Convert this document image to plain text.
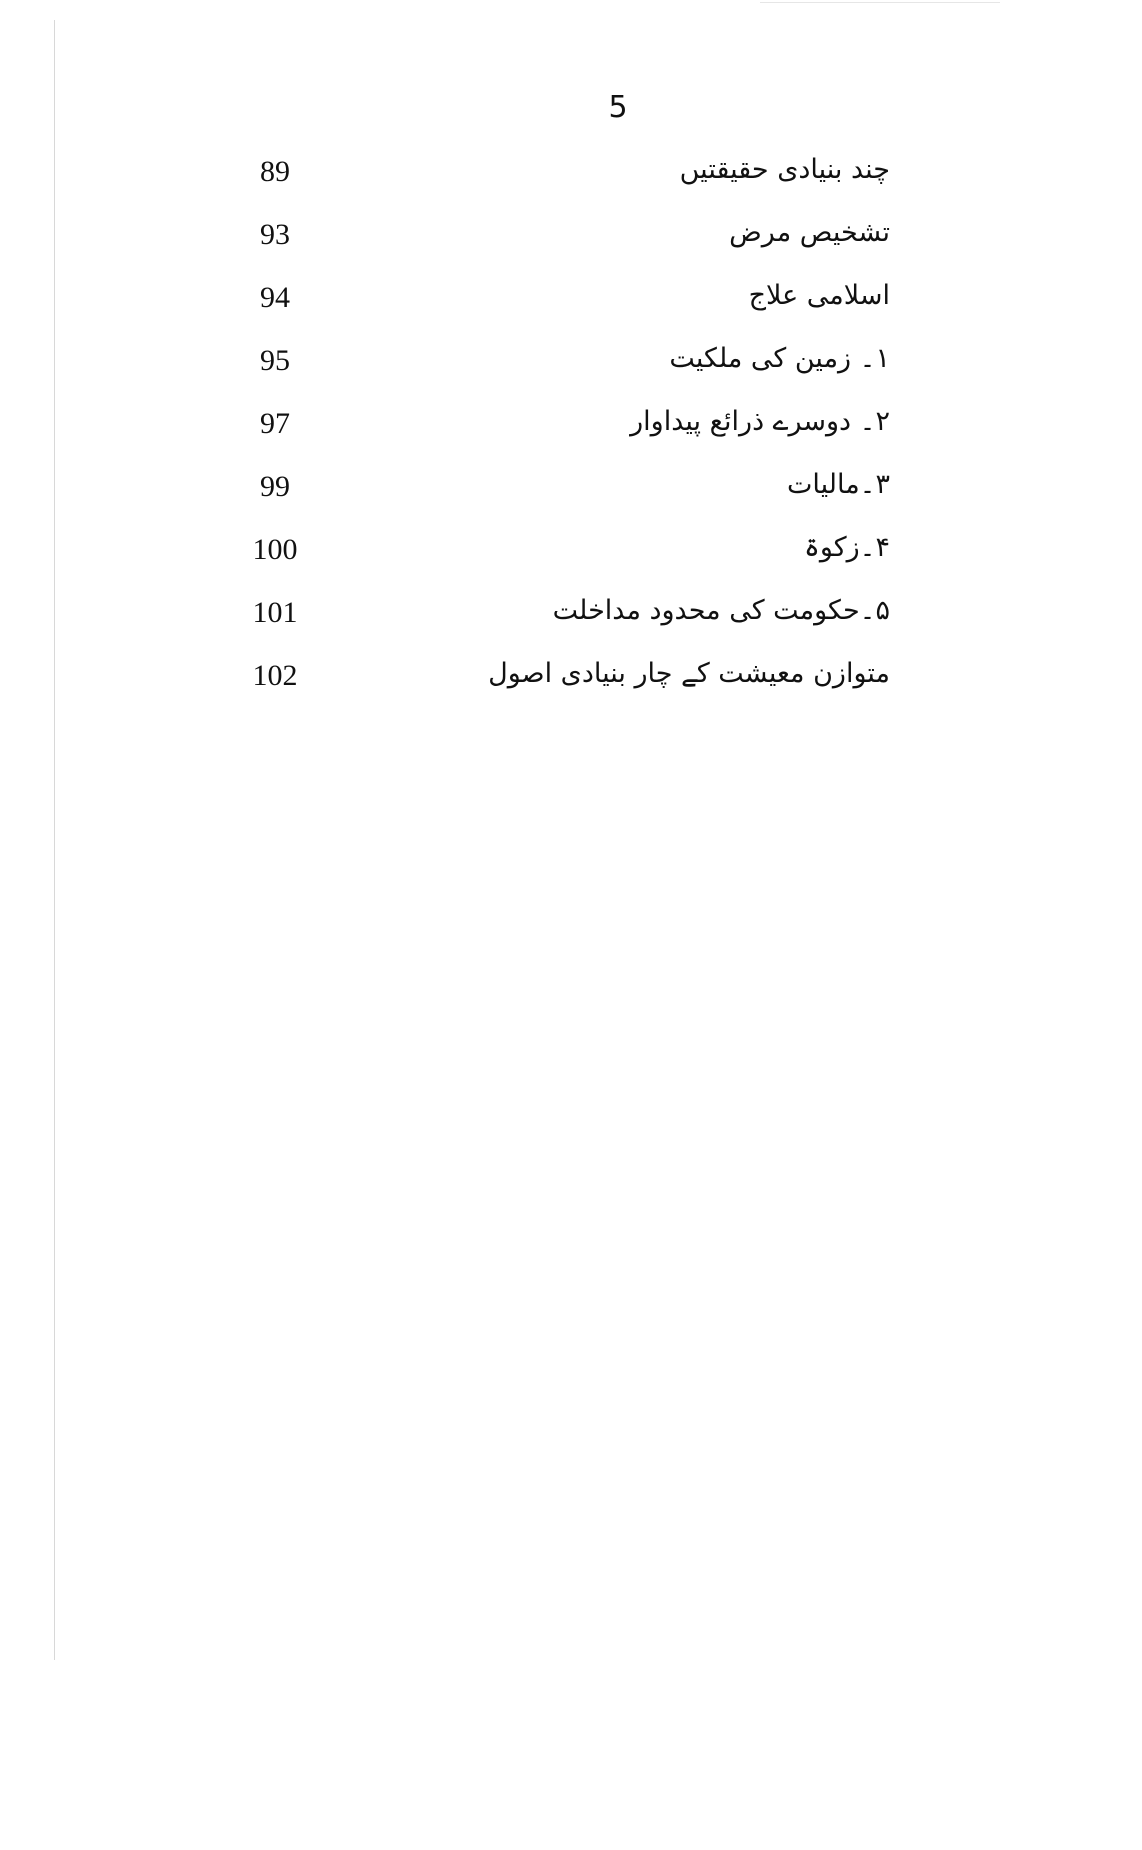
5
89	چند بنیادی حقیقتیں
93	تشخیص مرض
94	اسلامی علاج
95	۱۔ زمین کی ملکیت
97	۲۔ دوسرے ذرائع پیداوار
99	۳۔مالیات
100	۴۔زکوۃ
101	۵۔حکومت کی محدود مداخلت
102	متوازن معیشت کے چار بنیادی اصول
